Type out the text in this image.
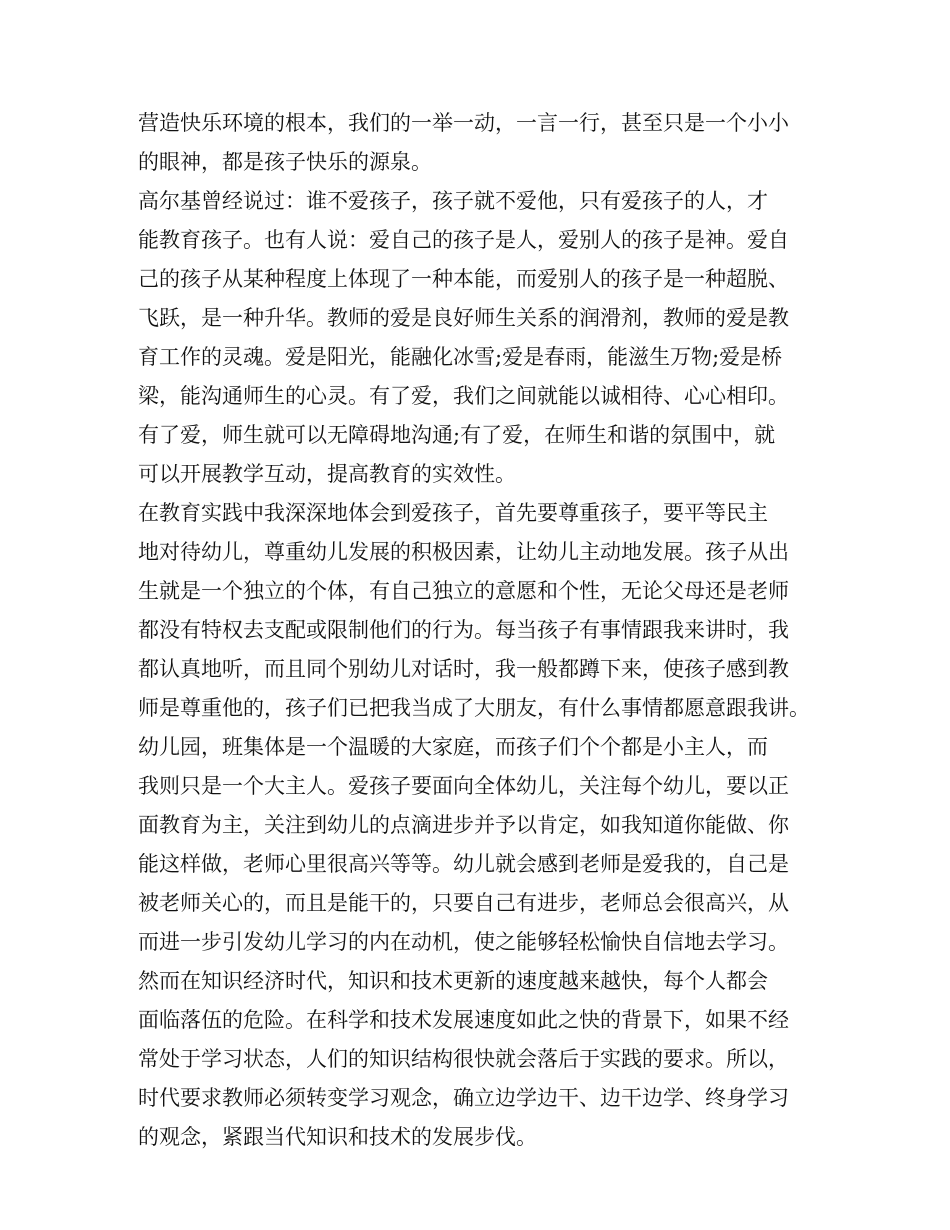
营造快乐环境的根本，我们的一举一动，一言一行，甚至只是一个小小
的眼神，都是孩子快乐的源泉。
高尔基曾经说过：谁不爱孩子，孩子就不爱他，只有爱孩子的人，才
能教育孩子。也有人说：爱自己的孩子是人，爱别人的孩子是神。爱自
己的孩子从某种程度上体现了一种本能，而爱别人的孩子是一种超脱、
飞跃，是一种升华。教师的爱是良好师生关系的润滑剂，教师的爱是教
育工作的灵魂。爱是阳光，能融化冰雪;爱是春雨，能滋生万物;爱是桥
梁，能沟通师生的心灵。有了爱，我们之间就能以诚相待、心心相印。
有了爱，师生就可以无障碍地沟通;有了爱，在师生和谐的氛围中，就
可以开展教学互动，提高教育的实效性。
在教育实践中我深深地体会到爱孩子，首先要尊重孩子，要平等民主
地对待幼儿，尊重幼儿发展的积极因素，让幼儿主动地发展。孩子从出
生就是一个独立的个体，有自己独立的意愿和个性，无论父母还是老师
都没有特权去支配或限制他们的行为。每当孩子有事情跟我来讲时，我
都认真地听，而且同个别幼儿对话时，我一般都蹲下来，使孩子感到教
师是尊重他的，孩子们已把我当成了大朋友，有什么事情都愿意跟我讲。
幼儿园，班集体是一个温暖的大家庭，而孩子们个个都是小主人，而
我则只是一个大主人。爱孩子要面向全体幼儿，关注每个幼儿，要以正
面教育为主，关注到幼儿的点滴进步并予以肯定，如我知道你能做、你
能这样做，老师心里很高兴等等。幼儿就会感到老师是爱我的，自己是
被老师关心的，而且是能干的，只要自己有进步，老师总会很高兴，从
而进一步引发幼儿学习的内在动机，使之能够轻松愉快自信地去学习。
然而在知识经济时代，知识和技术更新的速度越来越快，每个人都会
面临落伍的危险。在科学和技术发展速度如此之快的背景下，如果不经
常处于学习状态，人们的知识结构很快就会落后于实践的要求。所以，
时代要求教师必须转变学习观念，确立边学边干、边干边学、终身学习
的观念，紧跟当代知识和技术的发展步伐。
